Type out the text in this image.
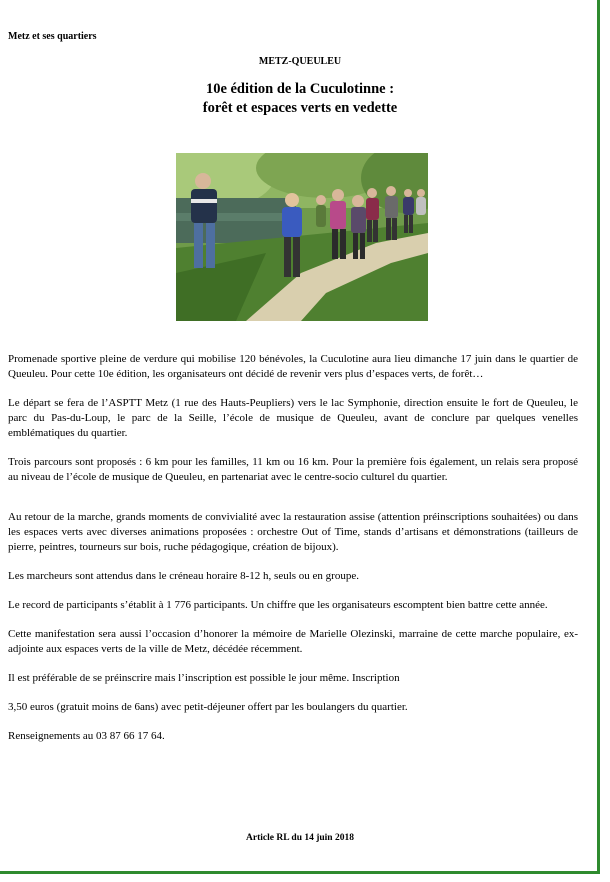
Metz et ses quartiers
METZ-QUEULEU
10e édition de la Cuculotinne :
forêt et espaces verts en vedette

Promenade sportive pleine de verdure qui mobilise 120 bénévoles, la Cuculotine aura lieu dimanche 17 juin dans le quartier de Queuleu. Pour cette 10e édition, les organisateurs ont décidé de revenir vers plus d’espaces verts, de forêt…

Le départ se fera de l’ASPTT Metz (1 rue des Hauts-Peupliers) vers le lac Symphonie, direction ensuite le fort de Queuleu, le parc du Pas-du-Loup, le parc de la Seille, l’école de musique de Queuleu, avant de conclure par quelques venelles emblématiques du quartier.

Trois parcours sont proposés : 6 km pour les familles, 11 km ou 16 km. Pour la première fois également, un relais sera proposé au niveau de l’école de musique de Queuleu, en partenariat avec le centre-socio culturel du quartier.

Au retour de la marche, grands moments de convivialité avec la restauration assise (attention préinscriptions souhaitées) ou dans les espaces verts avec diverses animations proposées : orchestre Out of Time, stands d’artisans et démonstrations (tailleurs de pierre, peintres, tourneurs sur bois, ruche pédagogique, création de bijoux).

Les marcheurs sont attendus dans le créneau horaire 8-12 h, seuls ou en groupe.

Le record de participants s’établit à 1 776 participants. Un chiffre que les organisateurs escomptent bien battre cette année.

Cette manifestation sera aussi l’occasion d’honorer la mémoire de Marielle Olezinski, marraine de cette marche populaire, ex-adjointe aux espaces verts de la ville de Metz, décédée récemment.

Il est préférable de se préinscrire mais l’inscription est possible le jour même. Inscription

3,50 euros (gratuit moins de 6ans) avec petit-déjeuner offert par les boulangers du quartier.

Renseignements au 03 87 66 17 64.

Article RL du 14 juin 2018
